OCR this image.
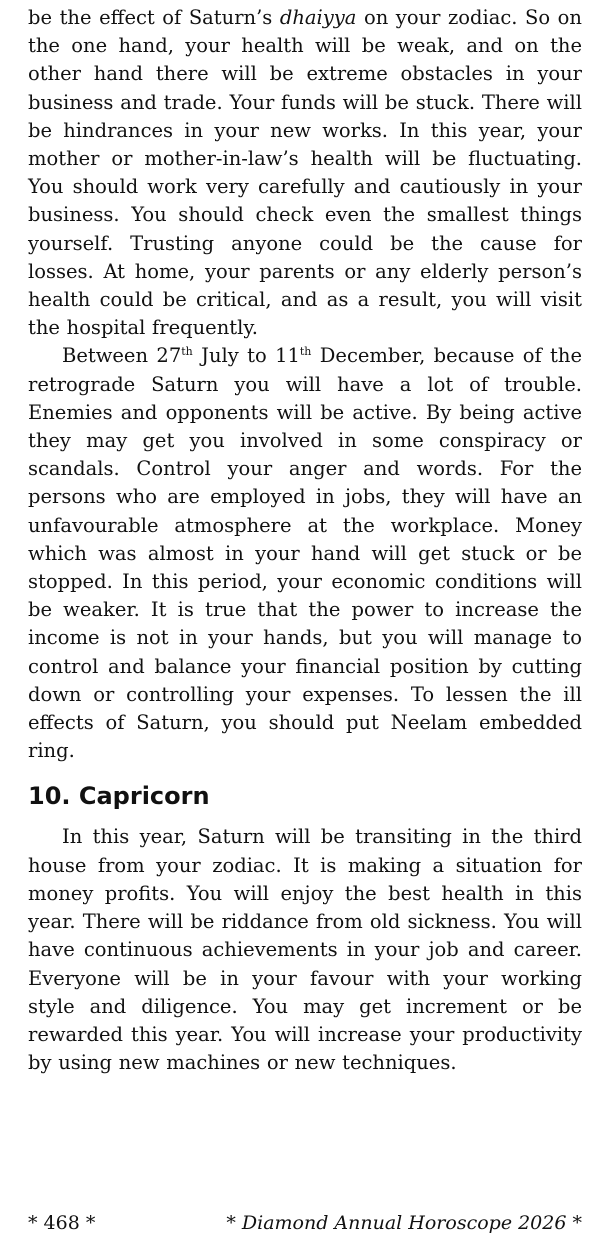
be the effect of Saturn’s dhaiyya on your zodiac. So on the one hand, your health will be weak, and on the other hand there will be extreme obstacles in your business and trade. Your funds will be stuck. There will be hindrances in your new works. In this year, your mother or mother-in-law’s health will be fluctuating. You should work very carefully and cautiously in your business. You should check even the smallest things yourself. Trusting anyone could be the cause for losses. At home, your parents or any elderly person’s health could be critical, and as a result, you will visit the hospital frequently.

Between 27th July to 11th December, because of the retrograde Saturn you will have a lot of trouble. Enemies and opponents will be active. By being active they may get you involved in some conspiracy or scandals. Control your anger and words. For the persons who are employed in jobs, they will have an unfavourable atmosphere at the workplace. Money which was almost in your hand will get stuck or be stopped. In this period, your economic conditions will be weaker. It is true that the power to increase the income is not in your hands, but you will manage to control and balance your financial position by cutting down or controlling your expenses. To lessen the ill effects of Saturn, you should put Neelam embedded ring.

10. Capricorn

In this year, Saturn will be transiting in the third house from your zodiac. It is making a situation for money profits. You will enjoy the best health in this year. There will be riddance from old sickness. You will have continuous achievements in your job and career. Everyone will be in your favour with your working style and diligence. You may get increment or be rewarded this year. You will increase your productivity by using new machines or new techniques.

* 468 *	* Diamond Annual Horoscope 2026 *
